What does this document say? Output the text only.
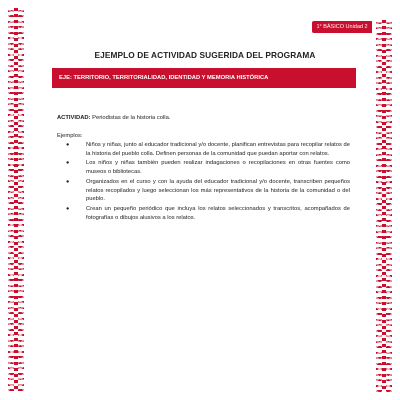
1° BÁSICO Unidad 2
EJEMPLO DE ACTIVIDAD SUGERIDA DEL PROGRAMA
EJE: TERRITORIO, TERRITORIALIDAD, IDENTIDAD Y MEMORIA HISTÓRICA
ACTIVIDAD: Periodistas de la historia colla.
Ejemplos:
●	Niños y niñas, junto al educador tradicional y/o docente, planifican entrevistas para recopilar relatos de la historia del pueblo colla. Definen personas de la comunidad que puedan aportar con relatos.
●	Los niños y niñas también pueden realizar indagaciones o recopilaciones en otras fuentes como museos o bibliotecas.
●	Organizados en el curso y con la ayuda del educador tradicional y/o docente, transcriben pequeños relatos recopilados y luego seleccionan los más representativos de la historia de la comunidad o del pueblo.
●	Crean un pequeño periódico que incluya los relatos seleccionados y transcritos, acompañados de fotografías o dibujos alusivos a los relatos.
